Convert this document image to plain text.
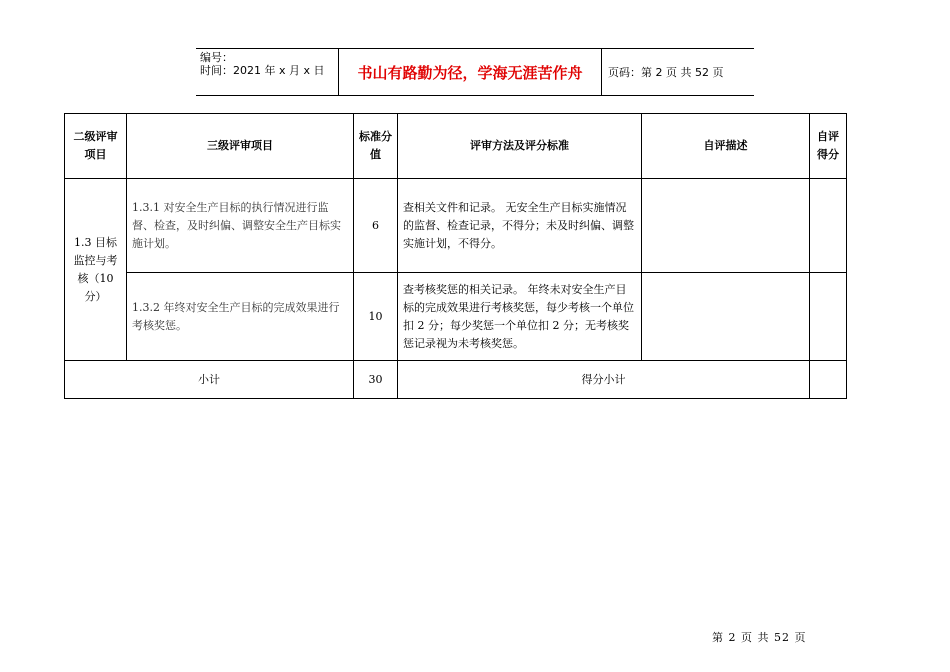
编号：
时间：2021 年 x 月 x 日	书山有路勤为径，学海无涯苦作舟	页码：第 2 页 共 52 页
二级评审项目	三级评审项目	标准分值	评审方法及评分标准	自评描述	自评得分
1.3 目标监控与考核（10 分）	1.3.1 对安全生产目标的执行情况进行监督、检查，及时纠偏、调整安全生产目标实施计划。	6	查相关文件和记录。 无安全生产目标实施情况的监督、检查记录，不得分；未及时纠偏、调整实施计划，不得分。		
	1.3.2 年终对安全生产目标的完成效果进行考核奖惩。	10	查考核奖惩的相关记录。 年终未对安全生产目标的完成效果进行考核奖惩，每少考核一个单位扣 2 分；每少奖惩一个单位扣 2 分；无考核奖惩记录视为未考核奖惩。		
小计		30	得分小计		
第 2 页 共 52 页
